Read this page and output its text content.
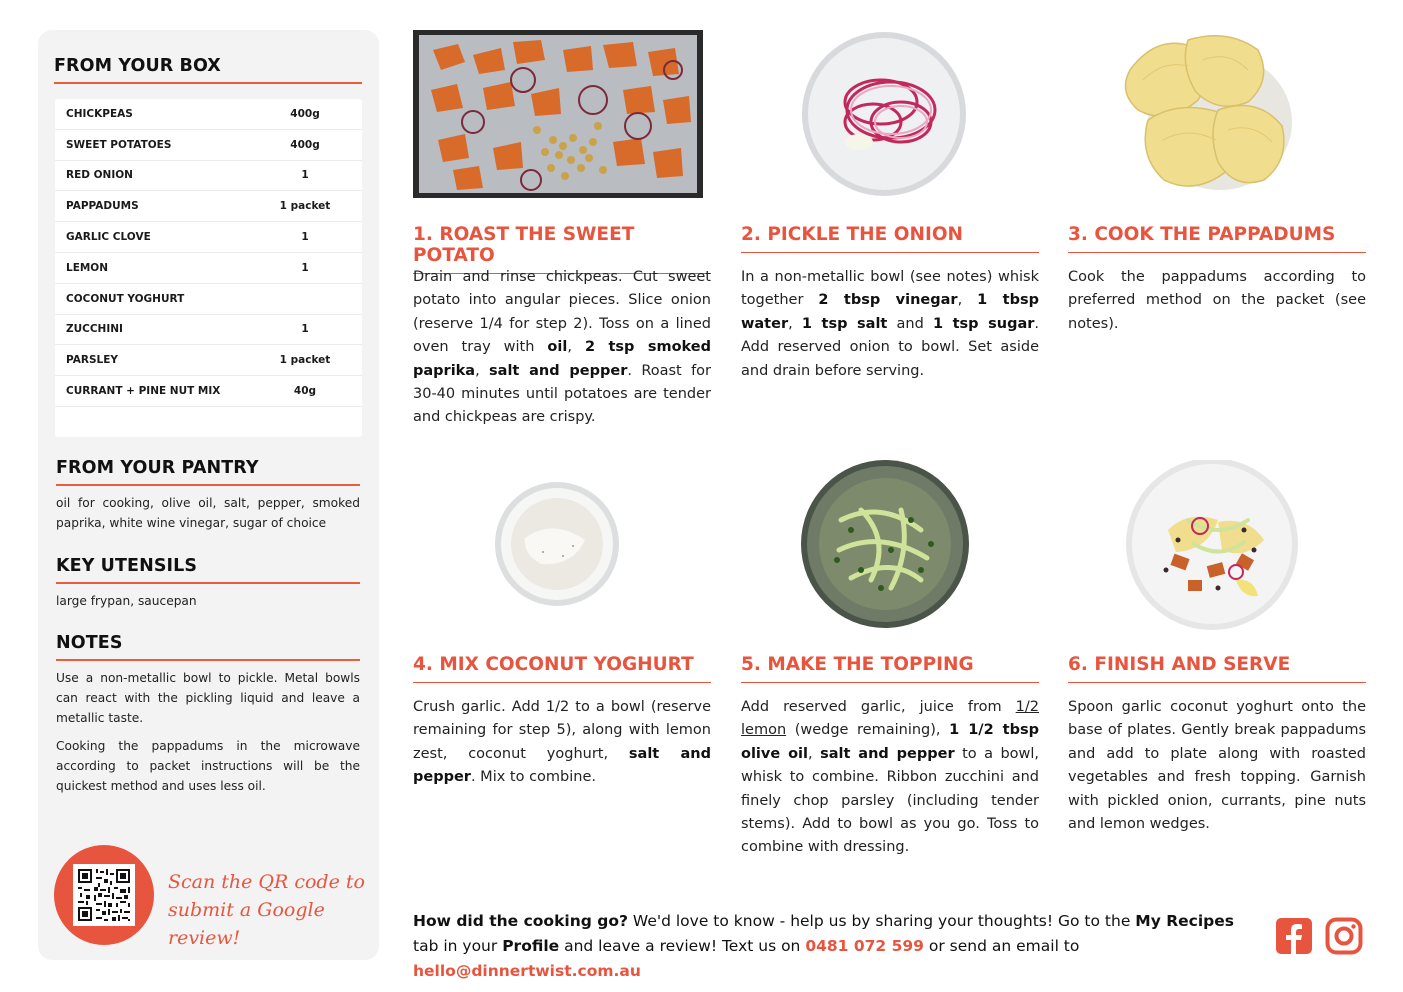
FROM YOUR BOX
CHICKPEAS	400g
SWEET POTATOES	400g
RED ONION	1
PAPPADUMS	1 packet
GARLIC CLOVE	1
LEMON	1
COCONUT YOGHURT
ZUCCHINI	1
PARSLEY	1 packet
CURRANT + PINE NUT MIX	40g
FROM YOUR PANTRY
oil for cooking, olive oil, salt, pepper, smoked paprika, white wine vinegar, sugar of choice
KEY UTENSILS
large frypan, saucepan
NOTES

Use a non-metallic bowl to pickle. Metal bowls can react with the pickling liquid and leave a metallic taste.

Cooking the pappadums in the microwave according to packet instructions will be the quickest method and uses less oil.

Scan the QR code to
submit a Google review!
1. ROAST THE SWEET POTATO
Drain and rinse chickpeas. Cut sweet potato into angular pieces. Slice onion (reserve 1/4 for step 2). Toss on a lined oven tray with oil, 2 tsp smoked paprika, salt and pepper. Roast for 30-40 minutes until potatoes are tender and chickpeas are crispy.
2. PICKLE THE ONION
In a non-metallic bowl (see notes) whisk together 2 tbsp vinegar, 1 tbsp water, 1 tsp salt and 1 tsp sugar. Add reserved onion to bowl. Set aside and drain before serving.
3. COOK THE PAPPADUMS
Cook the pappadums according to preferred method on the packet (see notes).
4. MIX COCONUT YOGHURT
Crush garlic. Add 1/2 to a bowl (reserve remaining for step 5), along with lemon zest, coconut yoghurt, salt and pepper. Mix to combine.
5. MAKE THE TOPPING
Add reserved garlic, juice from 1/2 lemon (wedge remaining), 1 1/2 tbsp olive oil, salt and pepper to a bowl, whisk to combine. Ribbon zucchini and finely chop parsley (including tender stems). Add to bowl as you go. Toss to combine with dressing.
6. FINISH AND SERVE
Spoon garlic coconut yoghurt onto the base of plates. Gently break pappadums and add to plate along with roasted vegetables and fresh topping. Garnish with pickled onion, currants, pine nuts and lemon wedges.
How did the cooking go? We'd love to know - help us by sharing your thoughts! Go to the My Recipes tab in your Profile and leave a review! Text us on 0481 072 599 or send an email to hello@dinnertwist.com.au
